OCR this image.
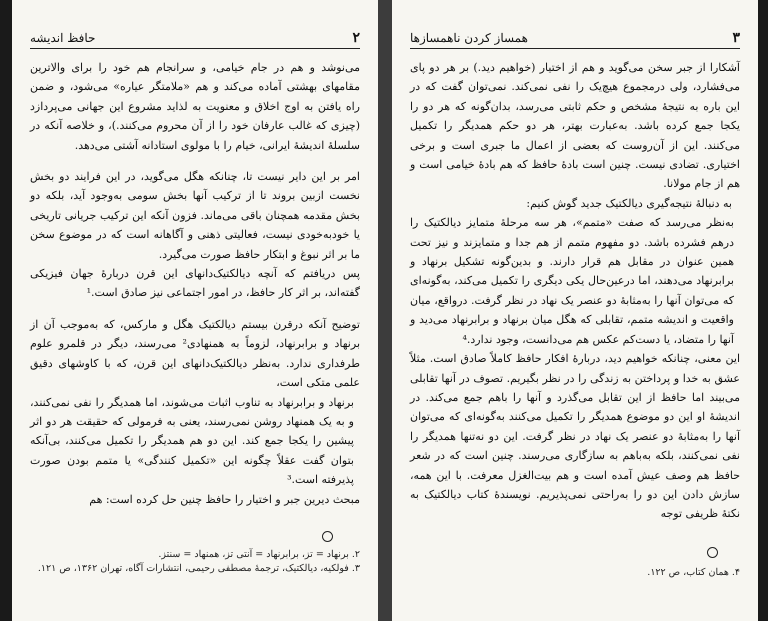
۲
حافظ اندیشه

می‌نوشد و هم در جام خیامی، و سرانجام هم خود را برای والاترین مقامهای بهشتی آماده می‌کند و هم «ملامتگر عیاره» می‌شود، و ضمن راه یافتن به اوج اخلاق و معنویت به لذاید مشروع این جهانی می‌پردازد (چیزی که غالب عارفان خود را از آن محروم می‌کنند.)، و خلاصه آنکه در سلسلهٔ اندیشهٔ ایرانی، خیام را با مولوی استادانه آشتی می‌دهد.

امر بر این دایر نیست تا، چنانکه هگل می‌گوید، در این فرایند دو بخش نخست ازبین بروند تا از ترکیب آنها بخش سومی به‌وجود آید، بلکه دو بخش مقدمه همچنان باقی می‌ماند. فزون آنکه این ترکیب جریانی تاریخی یا خودبه‌خودی نیست، فعالیتی ذهنی و آگاهانه است که در موضوع سخن ما بر اثر نبوغ و ابتکار حافظ صورت می‌گیرد.

پس دریافتم که آنچه دیالکتیک‌دانهای این قرن دربارهٔ جهان فیزیکی گفته‌اند، بر اثر کار حافظ، در امور اجتماعی نیز صادق است.¹

توضیح آنکه درقرن بیستم دیالکتیک هگل و مارکس، که به‌موجب آن از برنهاد و برابرنهاد، لزوماً به همنهادی² می‌رسند، دیگر در قلمرو علوم طرفداری ندارد. به‌نظر دیالکتیک‌دانهای این قرن، که با کاوشهای دقیق علمی متکی است،

برنهاد و برابرنهاد به تناوب اثبات می‌شوند، اما همدیگر را نفی نمی‌کنند، و به یک همنهاد روشن نمی‌رسند، یعنی به فرمولی که حقیقت هر دو اثر پیشین را یکجا جمع کند. این دو هم همدیگر را تکمیل می‌کنند، بی‌آنکه بتوان گفت عقلاً چگونه این «تکمیل کنندگی» یا متمم بودن صورت پذیرفته است.³

مبحث دیرین جبر و اختیار را حافظ چنین حل کرده است: هم

۲. برنهاد = تز، برابرنهاد = آنتی تز، همنهاد = سنتز.

۳. فولکیه، دیالکتیک، ترجمهٔ مصطفی رحیمی، انتشارات آگاه، تهران ۱۳۶۲، ص ۱۲۱.

۳
همساز کردن ناهمسازها

آشکارا از جبر سخن می‌گوید و هم از اختیار (خواهیم دید.) بر هر دو پای می‌فشارد، ولی درمجموع هیچ‌یک را نفی نمی‌کند. نمی‌توان گفت که در این باره به نتیجهٔ مشخص و حکم ثابتی می‌رسد، بدان‌گونه که هر دو را یکجا جمع کرده باشد. به‌عبارت بهتر، هر دو حکم همدیگر را تکمیل می‌کنند. این از آن‌روست که بعضی از اعمال ما جبری است و برخی اختیاری. تضادی نیست. چنین است بادهٔ حافظ که هم بادهٔ خیامی است و هم از جام مولانا.

به دنبالهٔ نتیجه‌گیری دیالکتیک جدید گوش کنیم:

به‌نظر می‌رسد که صفت «متمم»، هر سه مرحلهٔ متمایز دیالکتیک را درهم فشرده باشد. دو مفهوم متمم از هم جدا و متمایزند و نیز تحت همین عنوان در مقابل هم قرار دارند. و بدین‌گونه تشکیل برنهاد و برابرنهاد می‌دهند، اما درعین‌حال یکی دیگری را تکمیل می‌کند، به‌گونه‌ای که می‌توان آنها را به‌مثابهٔ دو عنصر یک نهاد در نظر گرفت. درواقع، میان واقعیت و اندیشه متمم، تقابلی که هگل میان برنهاد و برابرنهاد می‌دید و آنها را متضاد، یا دست‌کم عکس هم می‌دانست، وجود ندارد.⁴

این معنی، چنانکه خواهیم دید، دربارهٔ افکار حافظ کاملاً صادق است. مثلاً عشق به خدا و پرداختن به زندگی را در نظر بگیریم. تصوف در آنها تقابلی می‌بیند اما حافظ از این تقابل می‌گذرد و آنها را باهم جمع می‌کند. در اندیشهٔ او این دو موضوع همدیگر را تکمیل می‌کنند به‌گونه‌ای که می‌توان آنها را به‌مثابهٔ دو عنصر یک نهاد در نظر گرفت. این دو نه‌تنها همدیگر را نفی نمی‌کنند، بلکه به‌باهم به سازگاری می‌رسند. چنین است که در شعر حافظ هم وصف عیش آمده است و هم بیت‌الغزل معرفت. با این همه، سازش دادن این دو را به‌راحتی نمی‌پذیریم. نویسندهٔ کتاب دیالکتیک به نکتهٔ ظریفی توجه

۴. همان کتاب، ص ۱۲۲.
